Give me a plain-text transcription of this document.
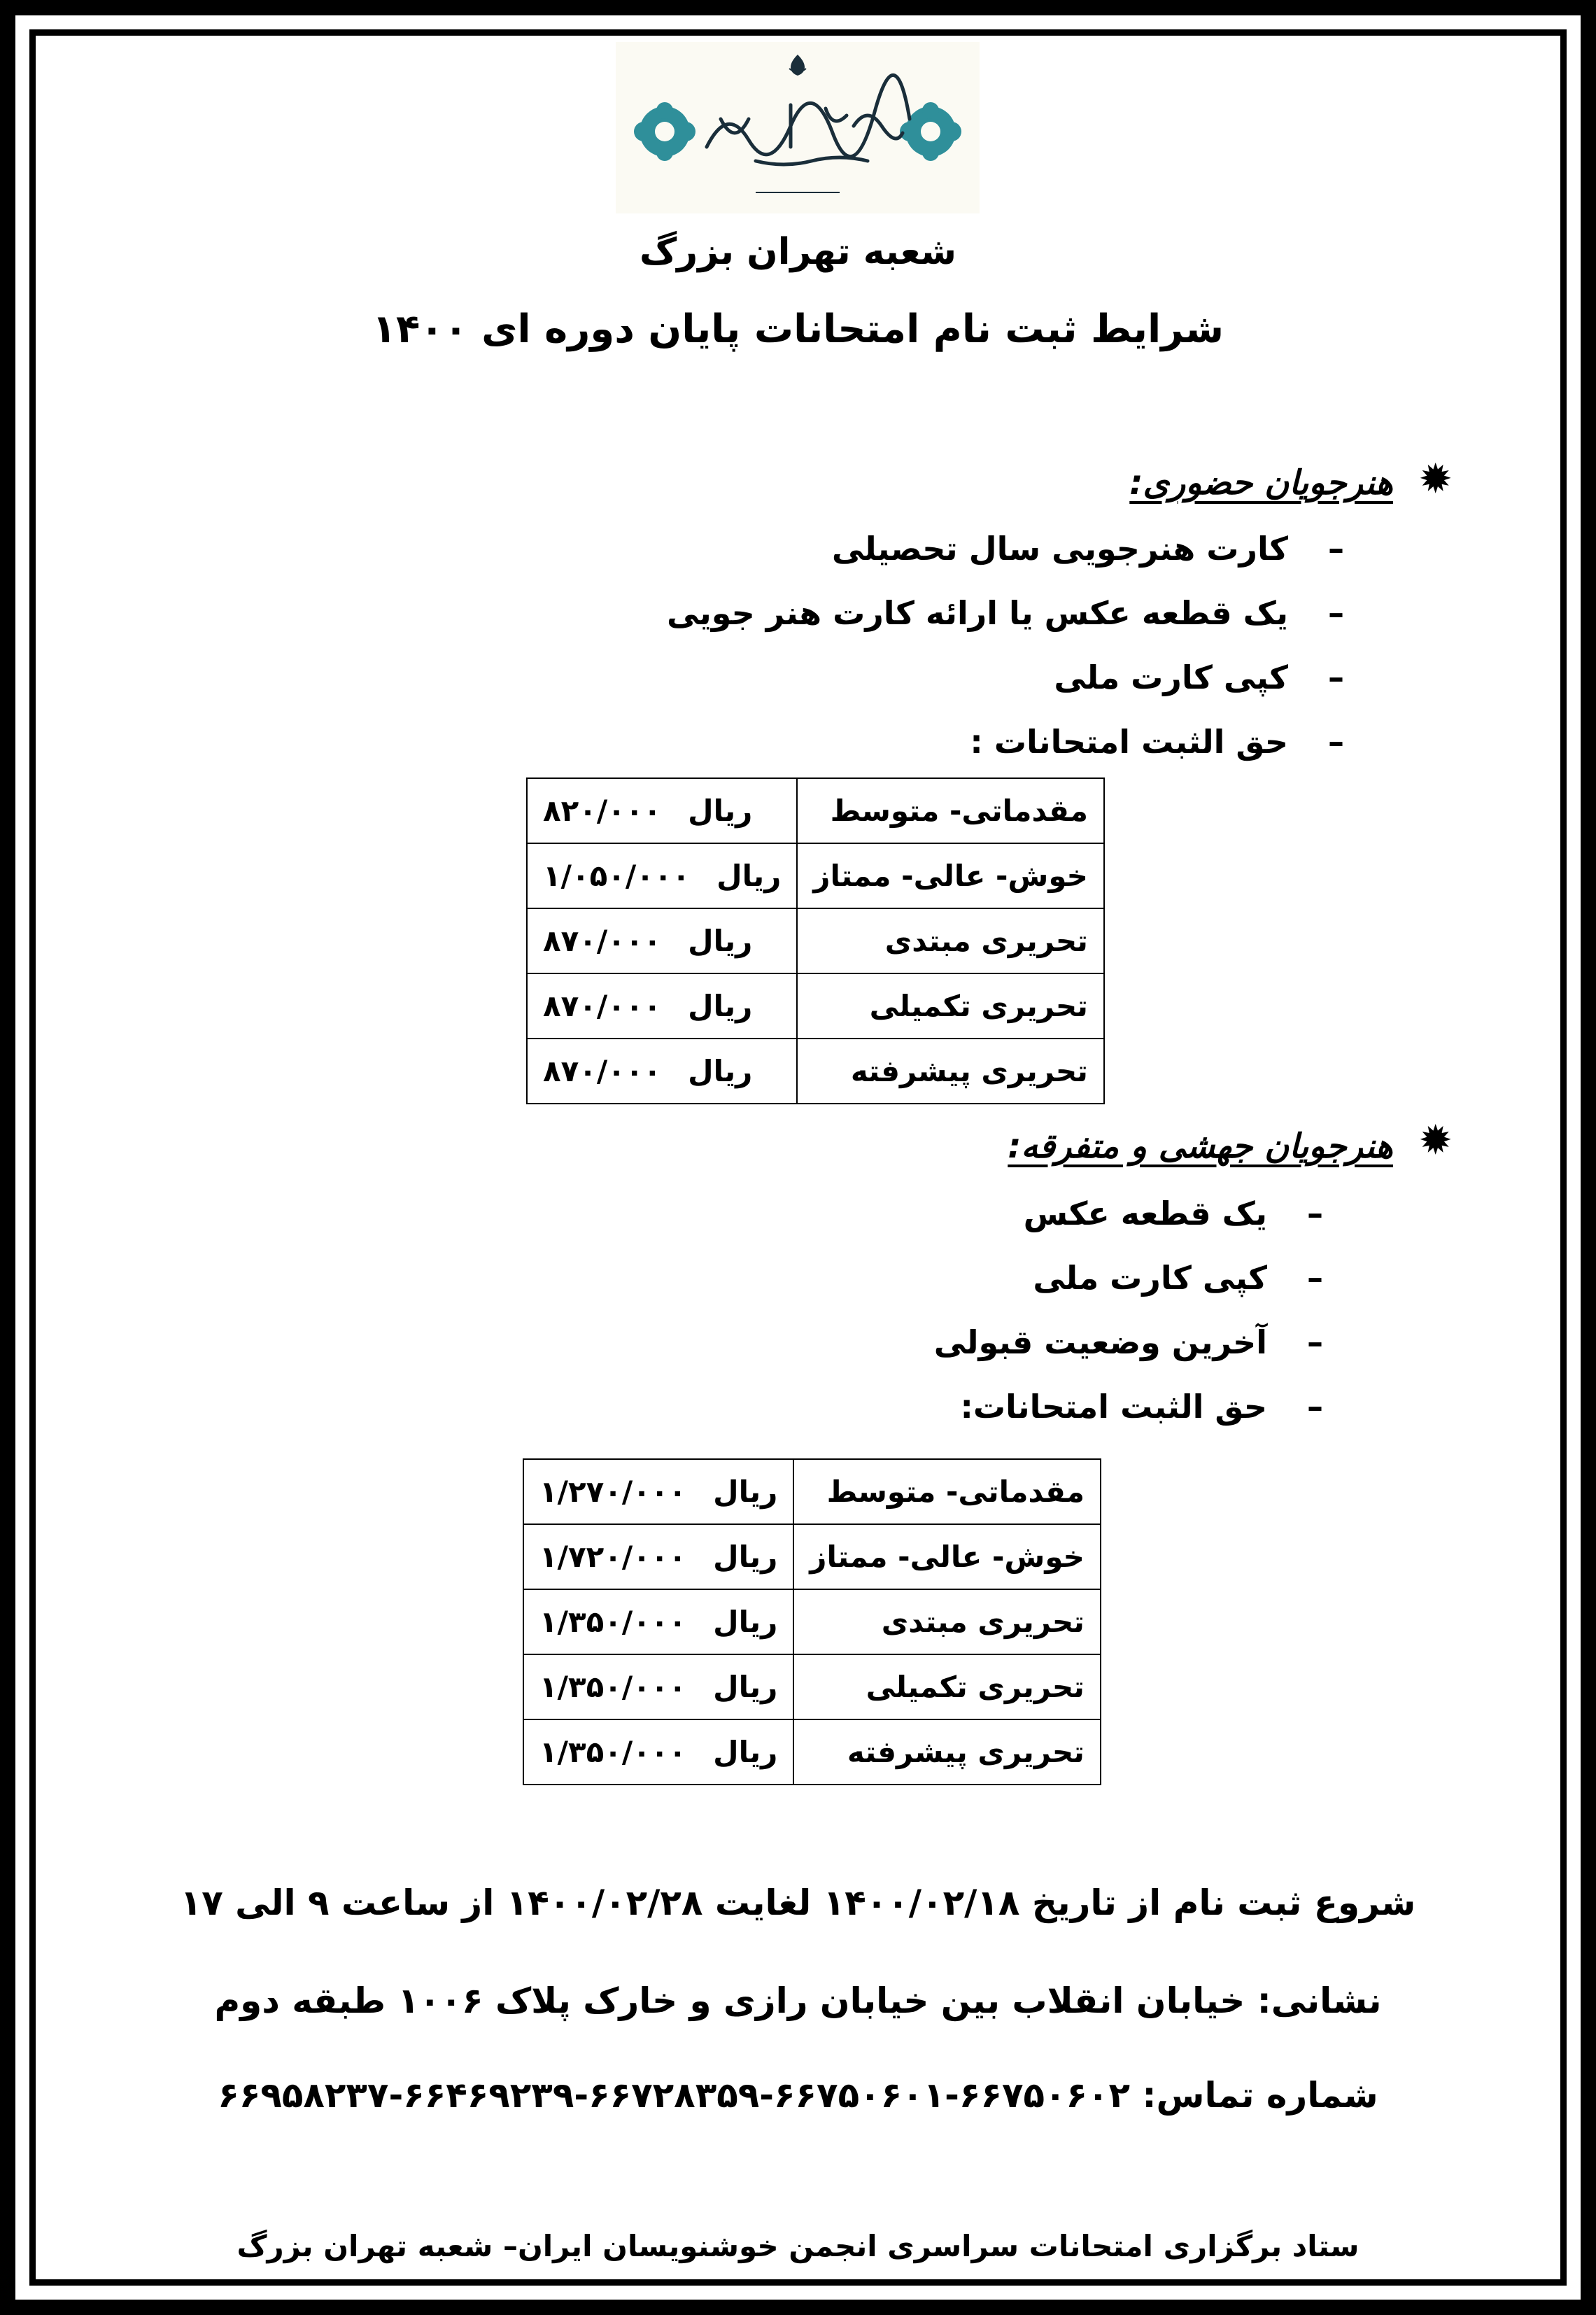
شعبه تهران بزرگ
شرایط ثبت نام امتحانات پایان دوره ای ۱۴۰۰
✹
هنرجویان حضوری:
– کارت هنرجویی سال تحصیلی
– یک قطعه عکس یا ارائه کارت هنر جویی
– کپی کارت ملی
– حق الثبت امتحانات :
مقدماتی- متوسط	ریال۸۲۰/۰۰۰
خوش- عالی- ممتاز	ریال۱/۰۵۰/۰۰۰
تحریری مبتدی	ریال۸۷۰/۰۰۰
تحریری تکمیلی	ریال۸۷۰/۰۰۰
تحریری پیشرفته	ریال۸۷۰/۰۰۰
✹
هنرجویان جهشی و متفرقه:
– یک قطعه عکس
– کپی کارت ملی
– آخرین وضعیت قبولی
– حق الثبت امتحانات:
مقدماتی- متوسط	ریال۱/۲۷۰/۰۰۰
خوش- عالی- ممتاز	ریال۱/۷۲۰/۰۰۰
تحریری مبتدی	ریال۱/۳۵۰/۰۰۰
تحریری تکمیلی	ریال۱/۳۵۰/۰۰۰
تحریری پیشرفته	ریال۱/۳۵۰/۰۰۰
شروع ثبت نام از تاریخ ۱۴۰۰/۰۲/۱۸ لغایت ۱۴۰۰/۰۲/۲۸ از ساعت ۹ الی ۱۷
نشانی: خیابان انقلاب بین خیابان رازی و خارک پلاک ۱۰۰۶ طبقه دوم
شماره تماس: ۶۶۷۵۰۶۰۲-۶۶۷۵۰۶۰۱-۶۶۷۲۸۳۵۹-۶۶۴۶۹۲۳۹-۶۶۹۵۸۲۳۷
ستاد برگزاری امتحانات سراسری انجمن خوشنویسان ایران– شعبه تهران بزرگ
